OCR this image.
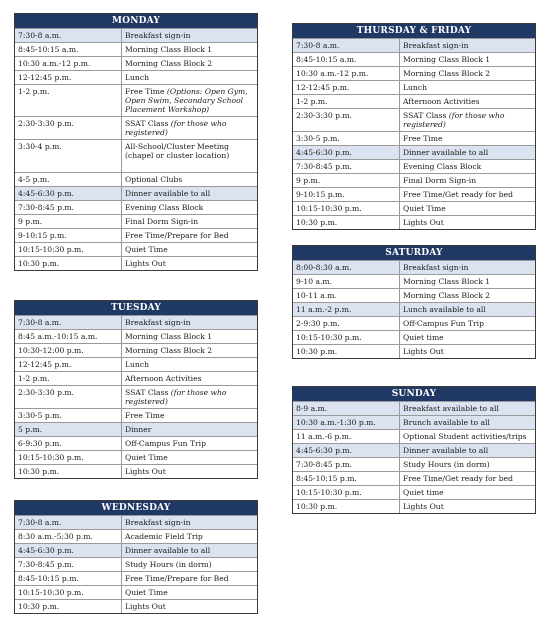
MONDAY
7:30-8 a.m.	Breakfast sign-in
8:45-10:15 a.m.	Morning Class Block 1
10:30 a.m.-12 p.m.	Morning Class Block 2
12-12:45 p.m.	Lunch
1-2 p.m.	Free Time (Options: Open Gym, Open Swim, Secondary School Placement Workshop)
2:30-3:30 p.m.	SSAT Class (for those who registered)
3:30-4 p.m.	All-School/Cluster Meeting (chapel or cluster location)
4-5 p.m.	Optional Clubs
4:45-6:30 p.m.	Dinner available to all
7:30-8:45 p.m.	Evening Class Block
9 p.m.	Final Dorm Sign-in
9-10:15 p.m.	Free Time/Prepare for Bed
10:15-10:30 p.m.	Quiet Time
10:30 p.m.	Lights Out
TUESDAY
7:30-8 a.m.	Breakfast sign-in
8:45 a.m.-10:15 a.m.	Morning Class Block 1
10:30-12:00 p.m.	Morning Class Block 2
12-12:45 p.m.	Lunch
1-2 p.m.	Afternoon Activities
2:30-3:30 p.m.	SSAT Class (for those who registered)
3:30-5 p.m.	Free Time
5 p.m.	Dinner
6-9:30 p.m.	Off-Campus Fun Trip
10:15-10:30 p.m.	Quiet Time
10:30 p.m.	Lights Out
WEDNESDAY
7:30-8 a.m.	Breakfast sign-in
8:30 a.m.-5:30 p.m.	Academic Field Trip
4:45-6:30 p.m.	Dinner available to all
7:30-8:45 p.m.	Study Hours (in dorm)
8:45-10:15 p.m.	Free Time/Prepare for Bed
10:15-10:30 p.m.	Quiet Time
10:30 p.m.	Lights Out
THURSDAY & FRIDAY
7:30-8 a.m.	Breakfast sign-in
8:45-10:15 a.m.	Morning Class Block 1
10:30 a.m.-12 p.m.	Morning Class Block 2
12-12:45 p.m.	Lunch
1-2 p.m.	Afternoon Activities
2:30-3:30 p.m.	SSAT Class (for those who registered)
3:30-5 p.m.	Free Time
4:45-6:30 p.m.	Dinner available to all
7:30-8:45 p.m.	Evening Class Block
9 p.m.	Final Dorm Sign-in
9-10:15 p.m.	Free Time/Get ready for bed
10:15-10:30 p.m.	Quiet Time
10:30 p.m.	Lights Out
SATURDAY
8:00-8:30 a.m.	Breakfast sign-in
9-10 a.m.	Morning Class Block 1
10-11 a.m.	Morning Class Block 2
11 a.m.-2 p.m.	Lunch available to all
2-9:30 p.m.	Off-Campus Fun Trip
10:15-10:30 p.m.	Quiet time
10:30 p.m.	Lights Out
SUNDAY
8-9 a.m.	Breakfast available to all
10:30 a.m.-1:30 p.m.	Brunch available to all
11 a.m.-6 p.m.	Optional Student activities/trips
4:45-6:30 p.m.	Dinner available to all
7:30-8:45 p.m.	Study Hours (in dorm)
8:45-10:15 p.m.	Free Time/Get ready for bed
10:15-10:30 p.m.	Quiet time
10:30 p.m.	Lights Out
